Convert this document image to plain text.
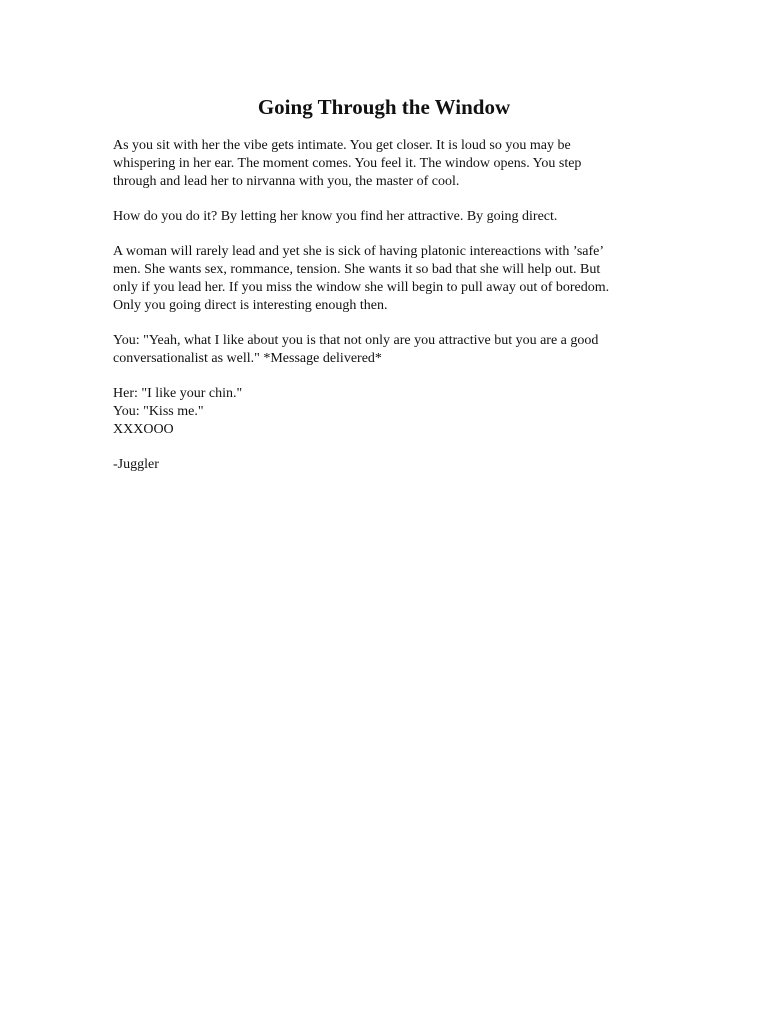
Going Through the Window

As you sit with her the vibe gets intimate. You get closer. It is loud so you may be
whispering in her ear. The moment comes. You feel it. The window opens. You step
through and lead her to nirvanna with you, the master of cool.

How do you do it? By letting her know you find her attractive. By going direct.

A woman will rarely lead and yet she is sick of having platonic intereactions with ’safe’
men. She wants sex, rommance, tension. She wants it so bad that she will help out. But
only if you lead her. If you miss the window she will begin to pull away out of boredom.
Only you going direct is interesting enough then.

You: "Yeah, what I like about you is that not only are you attractive but you are a good
conversationalist as well." *Message delivered*

Her: "I like your chin."
You: "Kiss me."
XXXOOO

-Juggler
